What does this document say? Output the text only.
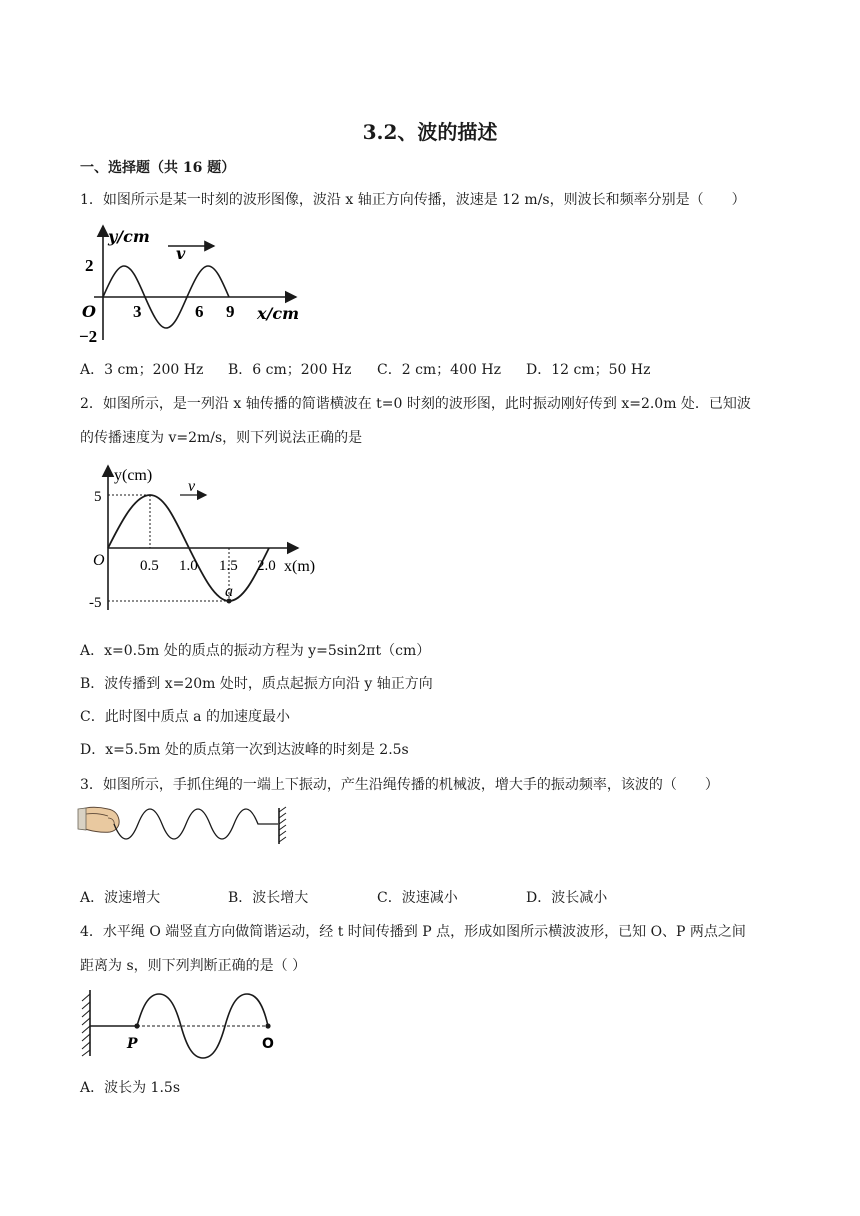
3.2、波的描述
一、选择题（共 16 题）
1．如图所示是某一时刻的波形图像，波沿 x 轴正方向传播，波速是 12 m/s，则波长和频率分别是（　　）
y/cm
x/cm
v
O
2
−2
3	6 9
A．3 cm；200 Hz B．6 cm；200 Hz C．2 cm；400 Hz D．12 cm；50 Hz
2．如图所示，是一列沿 x 轴传播的简谐横波在 t=0 时刻的波形图，此时振动刚好传到 x=2.0m 处．已知波
的传播速度为 v=2m/s，则下列说法正确的是
y(cm)
x(m)
v
O
a
5
-5
0.5 1.0 1.5 2.0
A．x=0.5m 处的质点的振动方程为 y=5sin2πt（cm）
B．波传播到 x=20m 处时，质点起振方向沿 y 轴正方向
C．此时图中质点 a 的加速度最小
D．x=5.5m 处的质点第一次到达波峰的时刻是 2.5s
3．如图所示，手抓住绳的一端上下振动，产生沿绳传播的机械波，增大手的振动频率，该波的（　　）
A．波速增大	B．波长增大	C．波速减小	D．波长减小
4．水平绳 O 端竖直方向做简谐运动，经 t 时间传播到 P 点，形成如图所示横波波形，已知 O、P 两点之间
距离为 s，则下列判断正确的是（ ）
P	O
A．波长为 1.5s
